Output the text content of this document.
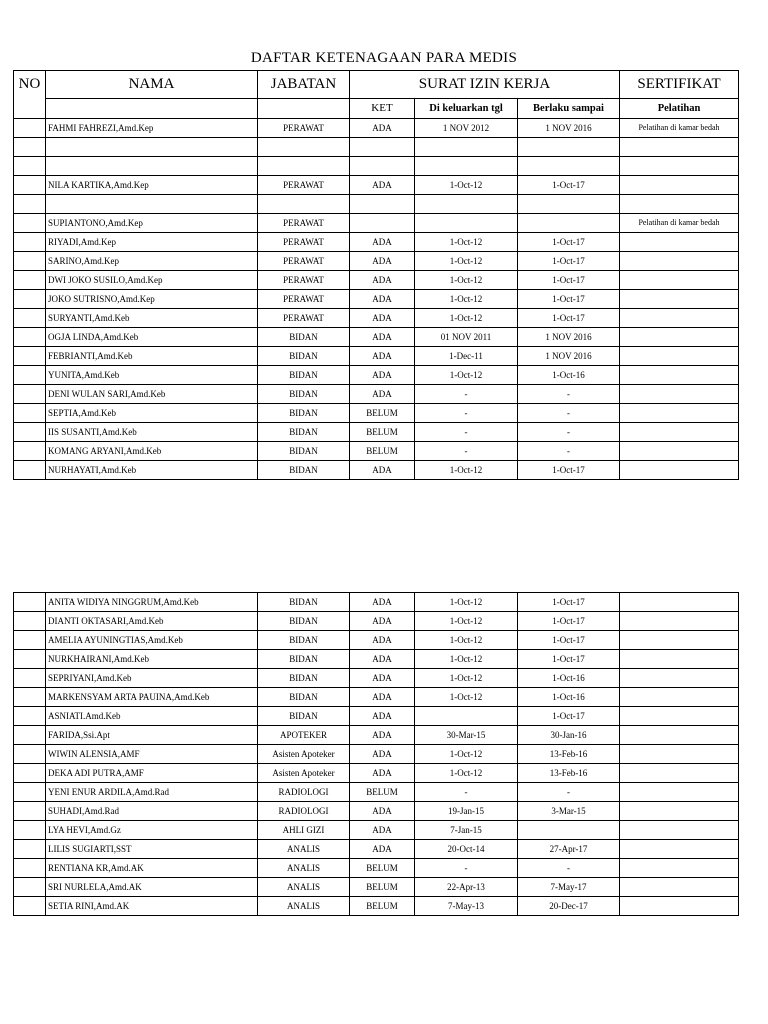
DAFTAR KETENAGAAN PARA MEDIS
NO	NAMA	JABATAN	SURAT IZIN KERJA			SERTIFIKAT
			KET	Di keluarkan tgl	Berlaku sampai	Pelatihan
	FAHMI FAHREZI,Amd.Kep	PERAWAT	ADA	1 NOV 2012	1 NOV 2016	Pelatihan di kamar bedah

	NILA KARTIKA,Amd.Kep	PERAWAT	ADA	1-Oct-12	1-Oct-17	

	SUPIANTONO,Amd.Kep	PERAWAT				Pelatihan di kamar bedah
	RIYADI,Amd.Kep	PERAWAT	ADA	1-Oct-12	1-Oct-17	
	SARINO,Amd.Kep	PERAWAT	ADA	1-Oct-12	1-Oct-17	
	DWI JOKO SUSILO,Amd.Kep	PERAWAT	ADA	1-Oct-12	1-Oct-17	
	JOKO SUTRISNO,Amd.Kep	PERAWAT	ADA	1-Oct-12	1-Oct-17	
	SURYANTI,Amd.Keb	PERAWAT	ADA	1-Oct-12	1-Oct-17	
	OGJA LINDA,Amd.Keb	BIDAN	ADA	01 NOV 2011	1 NOV 2016	
	FEBRIANTI,Amd.Keb	BIDAN	ADA	1-Dec-11	1 NOV 2016	
	YUNITA,Amd.Keb	BIDAN	ADA	1-Oct-12	1-Oct-16	
	DENI WULAN SARI,Amd.Keb	BIDAN	ADA	-	-	
	SEPTIA,Amd.Keb	BIDAN	BELUM	-	-	
	IIS SUSANTI,Amd.Keb	BIDAN	BELUM	-	-	
	KOMANG ARYANI,Amd.Keb	BIDAN	BELUM	-	-	
	NURHAYATI,Amd.Keb	BIDAN	ADA	1-Oct-12	1-Oct-17	
	ANITA WIDIYA NINGGRUM,Amd.Keb	BIDAN	ADA	1-Oct-12	1-Oct-17	
	DIANTI OKTASARI,Amd.Keb	BIDAN	ADA	1-Oct-12	1-Oct-17	
	AMELIA AYUNINGTIAS,Amd.Keb	BIDAN	ADA	1-Oct-12	1-Oct-17	
	NURKHAIRANI,Amd.Keb	BIDAN	ADA	1-Oct-12	1-Oct-17	
	SEPRIYANI,Amd.Keb	BIDAN	ADA	1-Oct-12	1-Oct-16	
	MARKENSYAM ARTA PAUINA,Amd.Keb	BIDAN	ADA	1-Oct-12	1-Oct-16	
	ASNIATI.Amd.Keb	BIDAN	ADA		1-Oct-17	
	FARIDA,Ssi.Apt	APOTEKER	ADA	30-Mar-15	30-Jan-16	
	WIWIN ALENSIA,AMF	Asisten Apoteker	ADA	1-Oct-12	13-Feb-16	
	DEKA ADI PUTRA,AMF	Asisten Apoteker	ADA	1-Oct-12	13-Feb-16	
	YENI ENUR ARDILA,Amd.Rad	RADIOLOGI	BELUM	-	-	
	SUHADI,Amd.Rad	RADIOLOGI	ADA	19-Jan-15	3-Mar-15	
	LYA HEVI,Amd.Gz	AHLI GIZI	ADA	7-Jan-15		
	LILIS SUGIARTI,SST	ANALIS	ADA	20-Oct-14	27-Apr-17	
	RENTIANA KR,Amd.AK	ANALIS	BELUM	-	-	
	SRI NURLELA,Amd.AK	ANALIS	BELUM	22-Apr-13	7-May-17	
	SETIA RINI,Amd.AK	ANALIS	BELUM	7-May-13	20-Dec-17	
